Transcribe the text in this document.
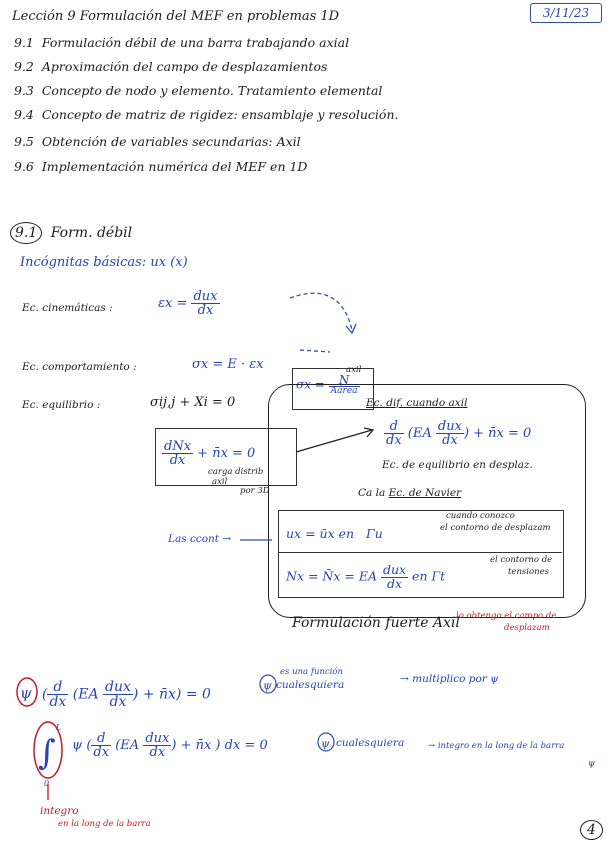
Lección 9 Formulación del MEF en problemas 1D	3/11/23
9.1 Formulación débil de una barra trabajando axial
9.2 Aproximación del campo de desplazamientos
9.3 Concepto de nodo y elemento. Tratamiento elemental
9.4 Concepto de matriz de rigidez: ensamblaje y resolución.
9.5 Obtención de variables secundarias: Axil
9.6 Implementación numérica del MEF en 1D
9.1 Form. débil
Incógnitas básicas: ux (x)
Ec. cinemáticas :	$\varepsilon x = \frac{\text{dux}}{dx}$
Ec. comportamiento :	σx = E · εx
$\sigma x = \frac{N}{\text{Aárea}}$
axil
Ec. equilibrio :	σij,j + Xi = 0
$\frac{\text{dNx}}{dx}$ + n̄x = 0
carga distrib
axil
por 3D
Ec. dif. cuando axil
$\frac{d}{dx} (EA \frac{\text{dux}}{dx}$ ) + n̄x = 0
Ec. de equilibrio en desplaz.
Ca la Ec. de Navier
Las ccont →	ux = ūx en Γu
cuando conozco
el contorno de desplazam
Nx = N̄x = EA $\frac{\text{dux}}{dx}$ en Γt
el contorno de
tensiones
Formulación fuerte Axil
lo obtengo el campo de
desplazam
( $\frac{d}{dx} (EA \frac{\text{dux}}{dx}$ ) + n̄x) = 0
es una función
cualesquiera	→ multiplico por ψ
ψ ( $\frac{d}{dx} (EA \frac{\text{dux}}{dx}$ ) + n̄x ) dx = 0	cualesquiera	→ integro en la long de la barra
integro
en la long de la barra	4
ψ	ψ
ψ
∫
L
0
ψ
